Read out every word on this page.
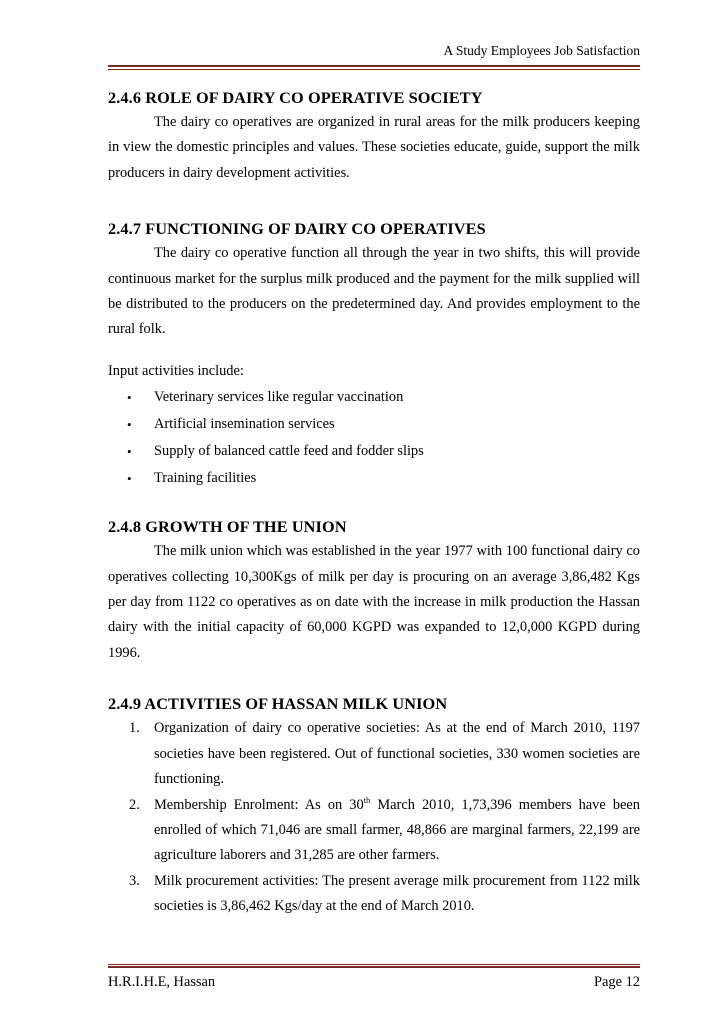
A Study Employees Job Satisfaction
2.4.6 ROLE OF DAIRY CO OPERATIVE SOCIETY

The dairy co operatives are organized in rural areas for the milk producers keeping in view the domestic principles and values. These societies educate, guide, support the milk producers in dairy development activities.

2.4.7 FUNCTIONING OF DAIRY CO OPERATIVES

The dairy co operative function all through the year in two shifts, this will provide continuous market for the surplus milk produced and the payment for the milk supplied will be distributed to the producers on the predetermined day. And provides employment to the rural folk.

Input activities include:

• Veterinary services like regular vaccination
• Artificial insemination services
• Supply of balanced cattle feed and fodder slips
• Training facilities
2.4.8 GROWTH OF THE UNION

The milk union which was established in the year 1977 with 100 functional dairy co operatives collecting 10,300Kgs of milk per day is procuring on an average 3,86,482 Kgs per day from 1122 co operatives as on date with the increase in milk production the Hassan dairy with the initial capacity of 60,000 KGPD was expanded to 12,0,000 KGPD during 1996.

2.4.9 ACTIVITIES OF HASSAN MILK UNION
1. Organization of dairy co operative societies: As at the end of March 2010, 1197 societies have been registered. Out of functional societies, 330 women societies are functioning.
2. Membership Enrolment: As on 30th March 2010, 1,73,396 members have been enrolled of which 71,046 are small farmer, 48,866 are marginal farmers, 22,199 are agriculture laborers and 31,285 are other farmers.
3. Milk procurement activities: The present average milk procurement from 1122 milk societies is 3,86,462 Kgs/day at the end of March 2010.
H.R.I.H.E, Hassan	Page 12
